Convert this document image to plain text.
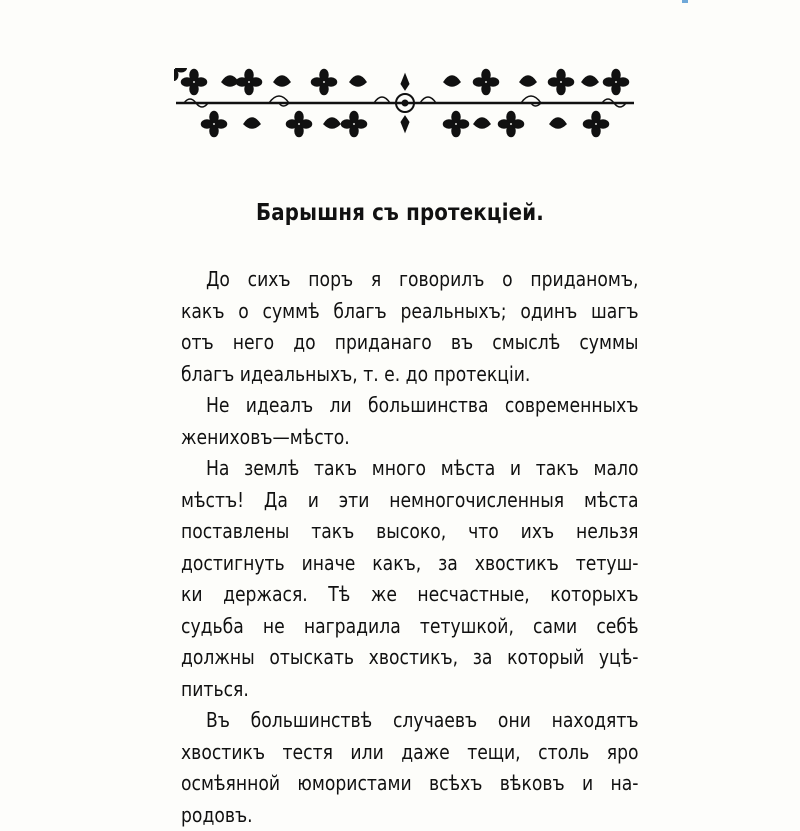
Барышня съ протекціей.
До сихъ поръ я говорилъ о приданомъ,
какъ о суммѣ благъ реальныхъ; одинъ шагъ
отъ него до приданаго въ смыслѣ суммы
благъ идеальныхъ, т. е. до протекціи.
Не идеалъ ли большинства современныхъ
жениховъ—мѣсто.
На землѣ такъ много мѣста и такъ мало
мѣстъ! Да и эти немногочисленныя мѣста
поставлены такъ высоко, что ихъ нельзя
достигнуть иначе какъ, за хвостикъ тетуш-
ки держася. Тѣ же несчастные, которыхъ
судьба не наградила тетушкой, сами себѣ
должны отыскать хвостикъ, за который уцѣ-
питься.
Въ большинствѣ случаевъ они находятъ
хвостикъ тестя или даже тещи, столь яро
осмѣянной юмористами всѣхъ вѣковъ и на-
родовъ.
